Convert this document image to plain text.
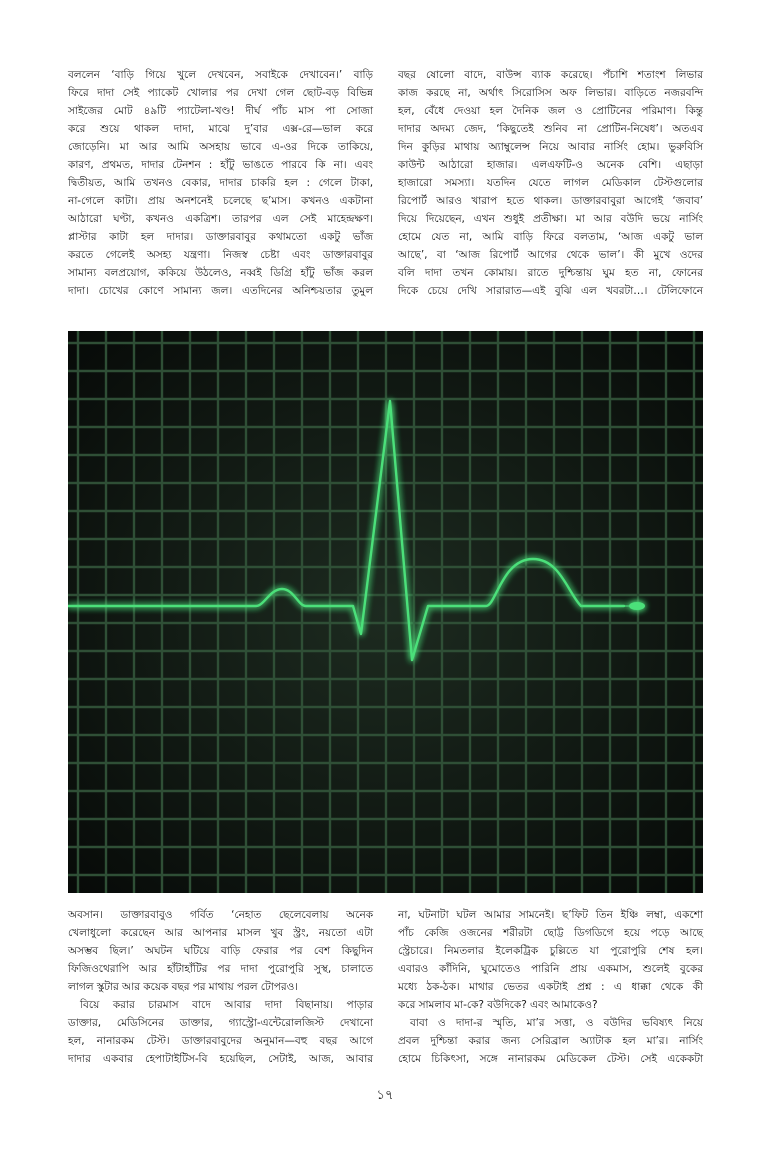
বললেন ‘বাড়ি গিয়ে খুলে দেখবেন, সবাইকে দেখাবেন।’ বাড়ি

ফিরে দাদা সেই প্যাকেট খোলার পর দেখা গেল ছোট-বড় বিভিন্ন

সাইজের মোট ৪৯টি প্যাটেলা-খণ্ড! দীর্ঘ পাঁচ মাস পা সোজা

করে শুয়ে থাকল দাদা, মাঝে দু’বার এক্স-রে—ভাল করে

জোড়েনি। মা আর আমি অসহায় ভাবে এ-ওর দিকে তাকিয়ে,

কারণ, প্রথমত, দাদার টেনশন : হাঁটু ভাঙতে পারবে কি না। এবং

দ্বিতীয়ত, আমি তখনও বেকার, দাদার চাকরি হল : গেলে টাকা,

না-গেলে কাটা। প্রায় অনশনেই চলেছে ছ’মাস। কখনও একটানা

আঠারো ঘণ্টা, কখনও একত্রিশ। তারপর এল সেই মাহেন্দ্রক্ষণ।

প্লাস্টার কাটা হল দাদার। ডাক্তারবাবুর কথামতো একটু ভাঁজ

করতে গেলেই অসহ্য যন্ত্রণা। নিজস্ব চেষ্টা এবং ডাক্তারবাবুর

সামান্য বলপ্রয়োগ, ককিয়ে উঠলেও, নব্বই ডিগ্রি হাঁটু ভাঁজ করল

দাদা। চোখের কোণে সামান্য জল। এতদিনের অনিশ্চয়তার তুমুল

বছর ষোলো বাদে, বাউন্স ব্যাক করেছে। পঁচাশি শতাংশ লিভার

কাজ করছে না, অর্থাৎ সিরোসিস অফ লিভার। বাড়িতে নজরবন্দি

হল, বেঁধে দেওয়া হল দৈনিক জল ও প্রোটিনের পরিমাণ। কিন্তু

দাদার অদম্য জেদ, ‘কিছুতেই শুনিব না প্রোটিন-নিষেধ’। অতএব

দিন কুড়ির মাথায় অ্যাম্বুলেন্স নিয়ে আবার নার্সিং হোম। ভুরুবিসি

কাউন্ট আঠারো হাজার। এলএফটি-ও অনেক বেশি। এছাড়া

হাজারো সমস্যা। যতদিন যেতে লাগল মেডিকাল টেস্টগুলোর

রিপোর্ট আরও খারাপ হতে থাকল। ডাক্তারবাবুরা আগেই ‘জবাব’

দিয়ে দিয়েছেন, এখন শুধুই প্রতীক্ষা। মা আর বউদি ভয়ে নার্সিং

হোমে যেত না, আমি বাড়ি ফিরে বলতাম, ‘আজ একটু ভাল

আছে’, বা ‘আজ রিপোর্ট আগের থেকে ভাল’। কী মুখে ওদের

বলি দাদা তখন কোমায়। রাতে দুশ্চিন্তায় ঘুম হত না, ফোনের

দিকে চেয়ে দেখি সারারাত—এই বুঝি এল খবরটা…। টেলিফোনে

অবসান। ডাক্তারবাবুও গর্বিত ‘নেহাত ছেলেবেলায় অনেক

খেলাধুলো করেছেন আর আপনার মাসল খুব স্ট্রং, নয়তো এটা

অসম্ভব ছিল।’ অঘটন ঘটিয়ে বাড়ি ফেরার পর বেশ কিছুদিন

ফিজিওথেরাপি আর হাঁটাহাঁটির পর দাদা পুরোপুরি সুস্থ, চালাতে

লাগল স্কুটার আর কয়েক বছর পর মাথায় পরল টোপরও।

বিয়ে করার চারমাস বাদে আবার দাদা বিছানায়। পাড়ার

ডাক্তার, মেডিসিনের ডাক্তার, গ্যাস্ট্রো-এন্টেরোলজিস্ট দেখানো

হল, নানারকম টেস্ট। ডাক্তারবাবুদের অনুমান—বহু বছর আগে

দাদার একবার হেপাটাইটিস-বি হয়েছিল, সেটাই, আজ, আবার

না, ঘটনাটা ঘটল আমার সামনেই। ছ’ফিট তিন ইঞ্চি লম্বা, একশো

পাঁচ কেজি ওজনের শরীরটা ছোট্ট ডিগডিগে হয়ে পড়ে আছে

স্ট্রেচারে। নিমতলার ইলেকট্রিক চুল্লিতে যা পুরোপুরি শেষ হল।

এবারও কাঁদিনি, ঘুমোতেও পারিনি প্রায় একমাস, শুলেই বুকের

মধ্যে ঠক-ঠক। মাথার ভেতর একটাই প্রশ্ন : এ ধাক্কা থেকে কী

করে সামলাব মা-কে? বউদিকে? এবং আমাকেও?

বাবা ও দাদা-র স্মৃতি, মা’র সত্তা, ও বউদির ভবিষ্যৎ নিয়ে

প্রবল দুশ্চিন্তা করার জন্য সেরিব্রাল অ্যাটাক হল মা’র। নার্সিং

হোমে চিকিৎসা, সঙ্গে নানারকম মেডিকেল টেস্ট। সেই একেকটা

১৭
